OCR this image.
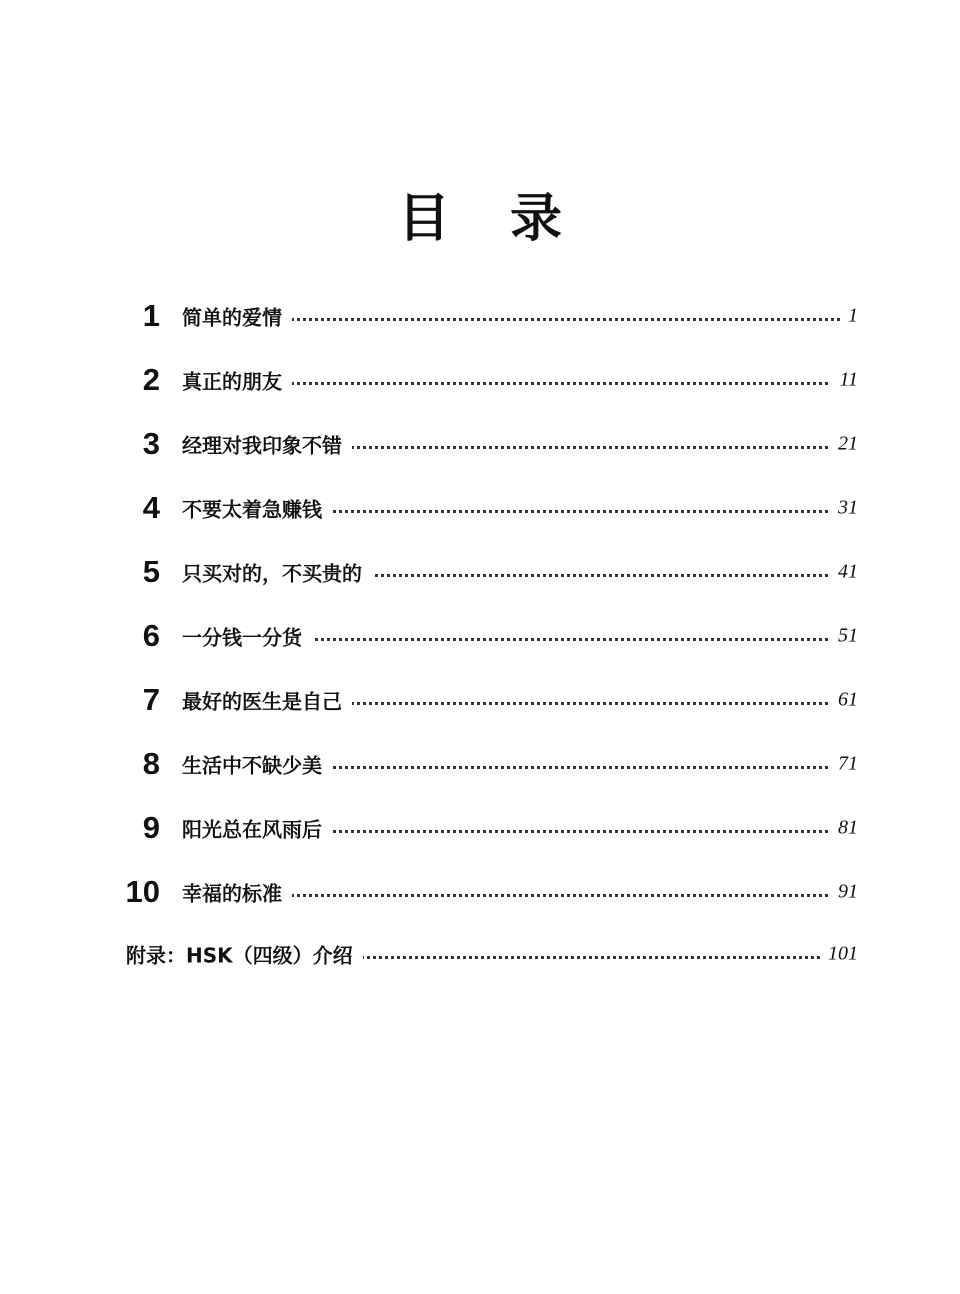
目 录
1 简单的爱情	1
2 真正的朋友	11
3 经理对我印象不错	21
4 不要太着急赚钱	31
5 只买对的，不买贵的	41
6 一分钱一分货	51
7 最好的医生是自己	61
8 生活中不缺少美	71
9 阳光总在风雨后	81
10 幸福的标准	91
附录：HSK（四级）介绍	101
